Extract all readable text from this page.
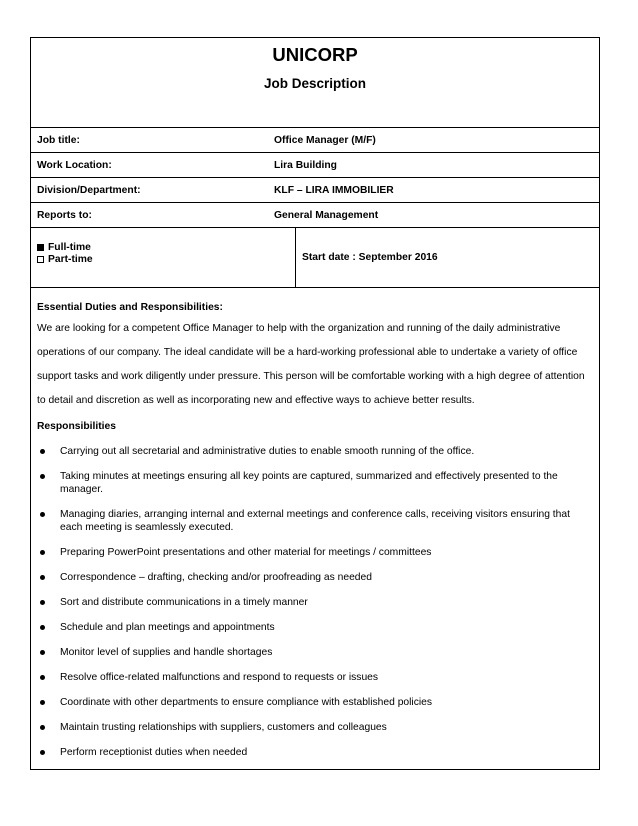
UNICORP
Job Description
Job title:	Office Manager (M/F)
Work Location:	Lira Building
Division/Department:	KLF – LIRA IMMOBILIER
Reports to:	General Management
Full-time
Part-time	Start date : September 2016
Essential Duties and Responsibilities:
We are looking for a competent Office Manager to help with the organization and running of the daily administrative
operations of our company. The ideal candidate will be a hard-working professional able to undertake a variety of office
support tasks and work diligently under pressure. This person will be comfortable working with a high degree of attention
to detail and discretion as well as incorporating new and effective ways to achieve better results.
Responsibilities
Carrying out all secretarial and administrative duties to enable smooth running of the office.
Taking minutes at meetings ensuring all key points are captured, summarized and effectively presented to the
manager.
Managing diaries, arranging internal and external meetings and conference calls, receiving visitors ensuring that
each meeting is seamlessly executed.
Preparing PowerPoint presentations and other material for meetings / committees
Correspondence – drafting, checking and/or proofreading as needed
Sort and distribute communications in a timely manner
Schedule and plan meetings and appointments
Monitor level of supplies and handle shortages
Resolve office-related malfunctions and respond to requests or issues
Coordinate with other departments to ensure compliance with established policies
Maintain trusting relationships with suppliers, customers and colleagues
Perform receptionist duties when needed
